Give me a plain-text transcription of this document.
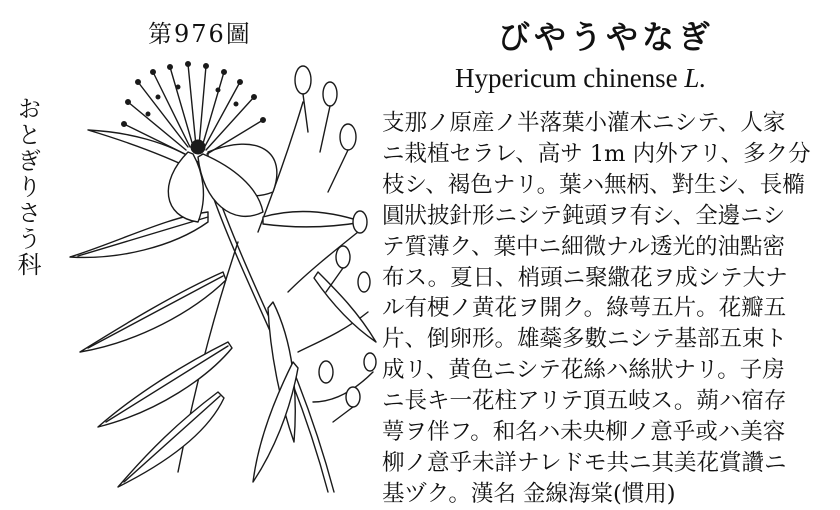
第976圖
おとぎりさう科
びやうやなぎ
Hypericum chinense L.
支那ノ原産ノ半落葉小灌木ニシテ、人家
ニ栽植セラレ、高サ 1m 内外アリ、多ク分
枝シ、褐色ナリ。葉ハ無柄、對生シ、長橢
圓狀披針形ニシテ鈍頭ヲ有シ、全邊ニシ
テ質薄ク、葉中ニ細微ナル透光的油點密
布ス。夏日、梢頭ニ聚繖花ヲ成シテ大ナ
ル有梗ノ黄花ヲ開ク。綠萼五片。花瓣五
片、倒卵形。雄蘂多數ニシテ基部五束ト
成リ、黄色ニシテ花絲ハ絲狀ナリ。子房
ニ長キ一花柱アリテ頂五岐ス。蒴ハ宿存
萼ヲ伴フ。和名ハ未央柳ノ意乎或ハ美容
柳ノ意乎未詳ナレドモ共ニ其美花賞讚ニ
基ヅク。漢名 金線海棠(慣用)
